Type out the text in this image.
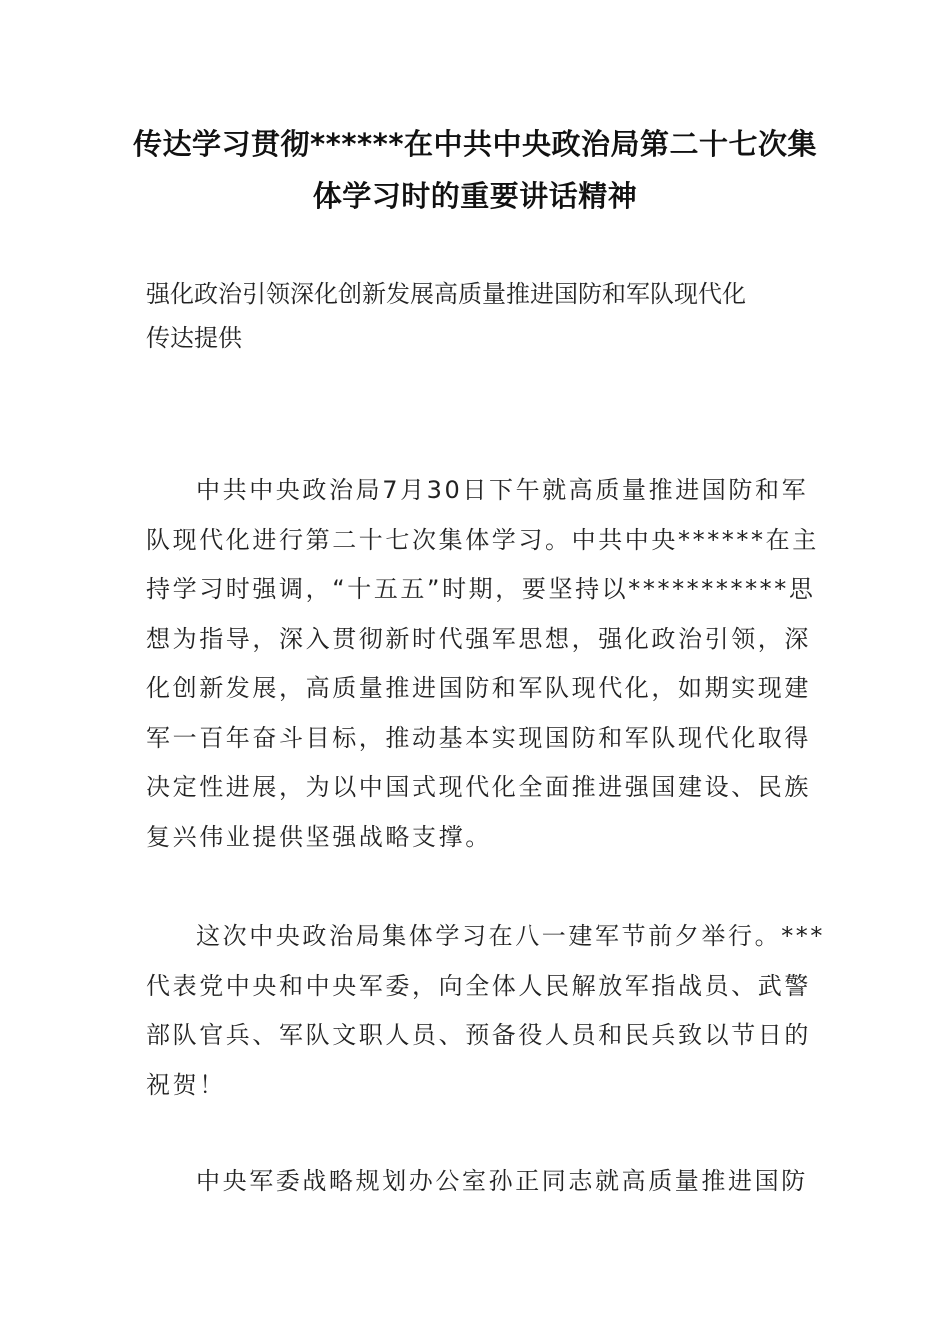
传达学习贯彻******在中共中央政治局第二十七次集
体学习时的重要讲话精神
强化政治引领深化创新发展高质量推进国防和军队现代化
传达提供
中共中央政治局7月30日下午就高质量推进国防和军
队现代化进行第二十七次集体学习。中共中央******在主
持学习时强调，“十五五”时期，要坚持以***********思
想为指导，深入贯彻新时代强军思想，强化政治引领，深
化创新发展，高质量推进国防和军队现代化，如期实现建
军一百年奋斗目标，推动基本实现国防和军队现代化取得
决定性进展，为以中国式现代化全面推进强国建设、民族
复兴伟业提供坚强战略支撑。
这次中央政治局集体学习在八一建军节前夕举行。***
代表党中央和中央军委，向全体人民解放军指战员、武警
部队官兵、军队文职人员、预备役人员和民兵致以节日的
祝贺！
中央军委战略规划办公室孙正同志就高质量推进国防
